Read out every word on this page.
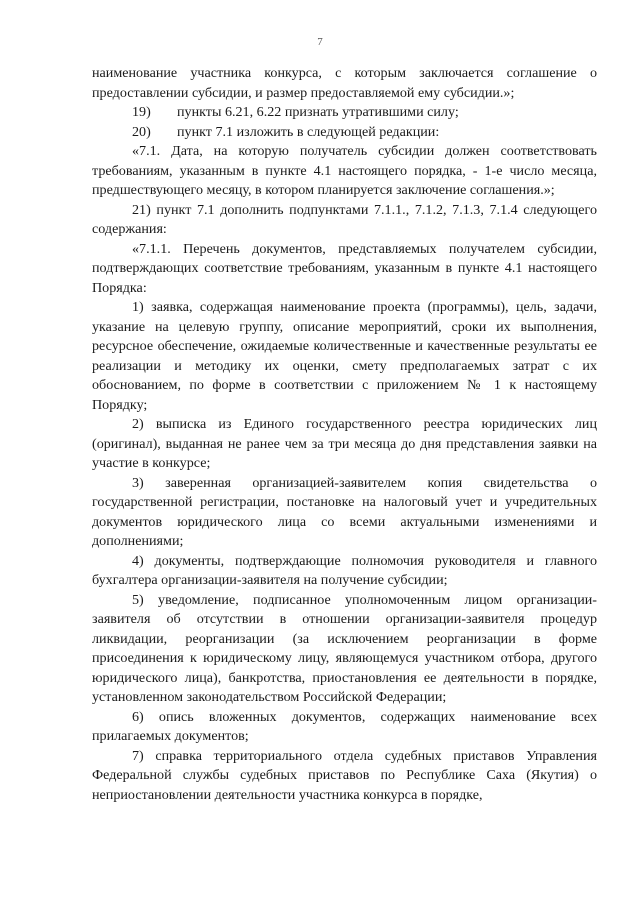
7

наименование участника конкурса, с которым заключается соглашение о предоставлении субсидии, и размер предоставляемой ему субсидии.»;

19) пункты 6.21, 6.22 признать утратившими силу;

20) пункт 7.1 изложить в следующей редакции:

«7.1. Дата, на которую получатель субсидии должен соответствовать требованиям, указанным в пункте 4.1 настоящего порядка, - 1-е число месяца, предшествующего месяцу, в котором планируется заключение соглашения.»;

21) пункт 7.1 дополнить подпунктами 7.1.1., 7.1.2, 7.1.3, 7.1.4 следующего содержания:

«7.1.1. Перечень документов, представляемых получателем субсидии, подтверждающих соответствие требованиям, указанным в пункте 4.1 настоящего Порядка:

1) заявка, содержащая наименование проекта (программы), цель, задачи, указание на целевую группу, описание мероприятий, сроки их выполнения, ресурсное обеспечение, ожидаемые количественные и качественные результаты ее реализации и методику их оценки, смету предполагаемых затрат с их обоснованием, по форме в соответствии с приложением № 1 к настоящему Порядку;

2) выписка из Единого государственного реестра юридических лиц (оригинал), выданная не ранее чем за три месяца до дня представления заявки на участие в конкурсе;

3) заверенная организацией-заявителем копия свидетельства о государственной регистрации, постановке на налоговый учет и учредительных документов юридического лица со всеми актуальными изменениями и дополнениями;

4) документы, подтверждающие полномочия руководителя и главного бухгалтера организации-заявителя на получение субсидии;

5) уведомление, подписанное уполномоченным лицом организации-заявителя об отсутствии в отношении организации-заявителя процедур ликвидации, реорганизации (за исключением реорганизации в форме присоединения к юридическому лицу, являющемуся участником отбора, другого юридического лица), банкротства, приостановления ее деятельности в порядке, установленном законодательством Российской Федерации;

6) опись вложенных документов, содержащих наименование всех прилагаемых документов;

7) справка территориального отдела судебных приставов Управления Федеральной службы судебных приставов по Республике Саха (Якутия) о неприостановлении деятельности участника конкурса в порядке,
